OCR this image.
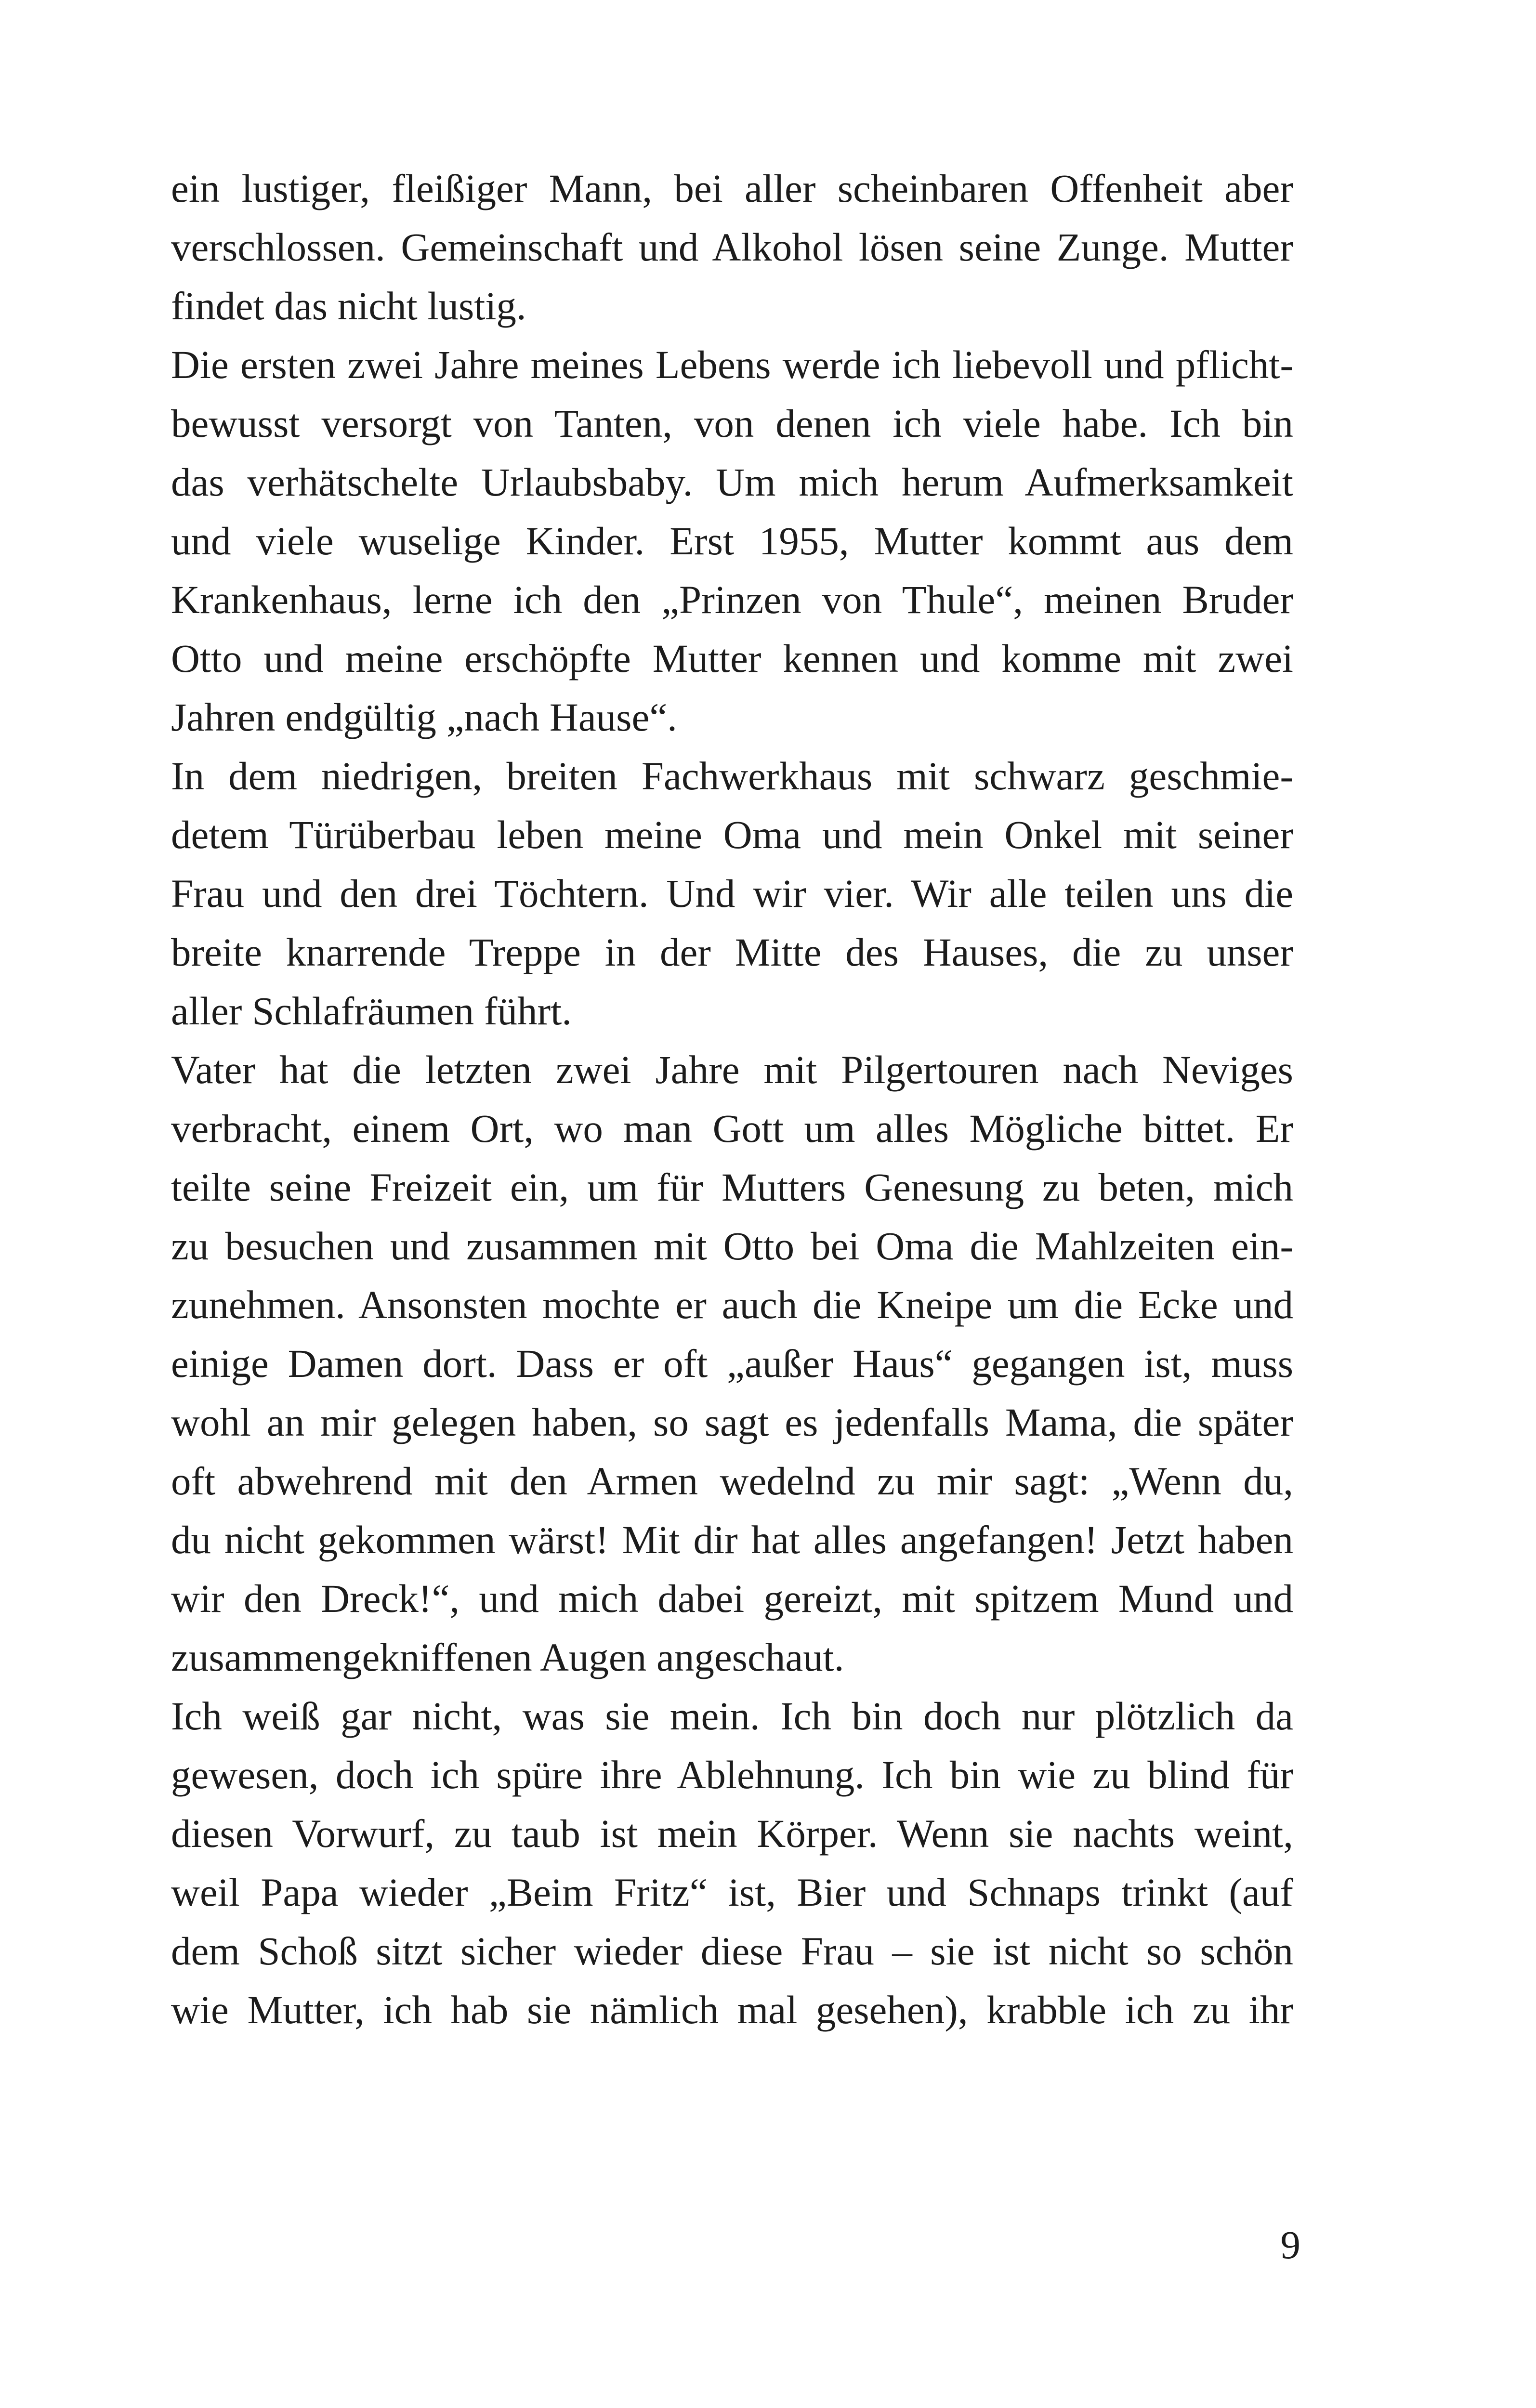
ein lustiger, fleißiger Mann, bei aller scheinbaren Offenheit aber
verschlossen. Gemeinschaft und Alkohol lösen seine Zunge. Mutter
findet das nicht lustig.
Die ersten zwei Jahre meines Lebens werde ich liebevoll und pflicht-
bewusst versorgt von Tanten, von denen ich viele habe. Ich bin
das verhätschelte Urlaubsbaby. Um mich herum Aufmerksamkeit
und viele wuselige Kinder. Erst 1955, Mutter kommt aus dem
Krankenhaus, lerne ich den „Prinzen von Thule“, meinen Bruder
Otto und meine erschöpfte Mutter kennen und komme mit zwei
Jahren endgültig „nach Hause“.
In dem niedrigen, breiten Fachwerkhaus mit schwarz geschmie-
detem Türüberbau leben meine Oma und mein Onkel mit seiner
Frau und den drei Töchtern. Und wir vier. Wir alle teilen uns die
breite knarrende Treppe in der Mitte des Hauses, die zu unser
aller Schlafräumen führt.
Vater hat die letzten zwei Jahre mit Pilgertouren nach Neviges
verbracht, einem Ort, wo man Gott um alles Mögliche bittet. Er
teilte seine Freizeit ein, um für Mutters Genesung zu beten, mich
zu besuchen und zusammen mit Otto bei Oma die Mahlzeiten ein-
zunehmen. Ansonsten mochte er auch die Kneipe um die Ecke und
einige Damen dort. Dass er oft „außer Haus“ gegangen ist, muss
wohl an mir gelegen haben, so sagt es jedenfalls Mama, die später
oft abwehrend mit den Armen wedelnd zu mir sagt: „Wenn du,
du nicht gekommen wärst! Mit dir hat alles angefangen! Jetzt haben
wir den Dreck!“, und mich dabei gereizt, mit spitzem Mund und
zusammengekniffenen Augen angeschaut.
Ich weiß gar nicht, was sie mein. Ich bin doch nur plötzlich da
gewesen, doch ich spüre ihre Ablehnung. Ich bin wie zu blind für
diesen Vorwurf, zu taub ist mein Körper. Wenn sie nachts weint,
weil Papa wieder „Beim Fritz“ ist, Bier und Schnaps trinkt (auf
dem Schoß sitzt sicher wieder diese Frau – sie ist nicht so schön
wie Mutter, ich hab sie nämlich mal gesehen), krabble ich zu ihr
9
